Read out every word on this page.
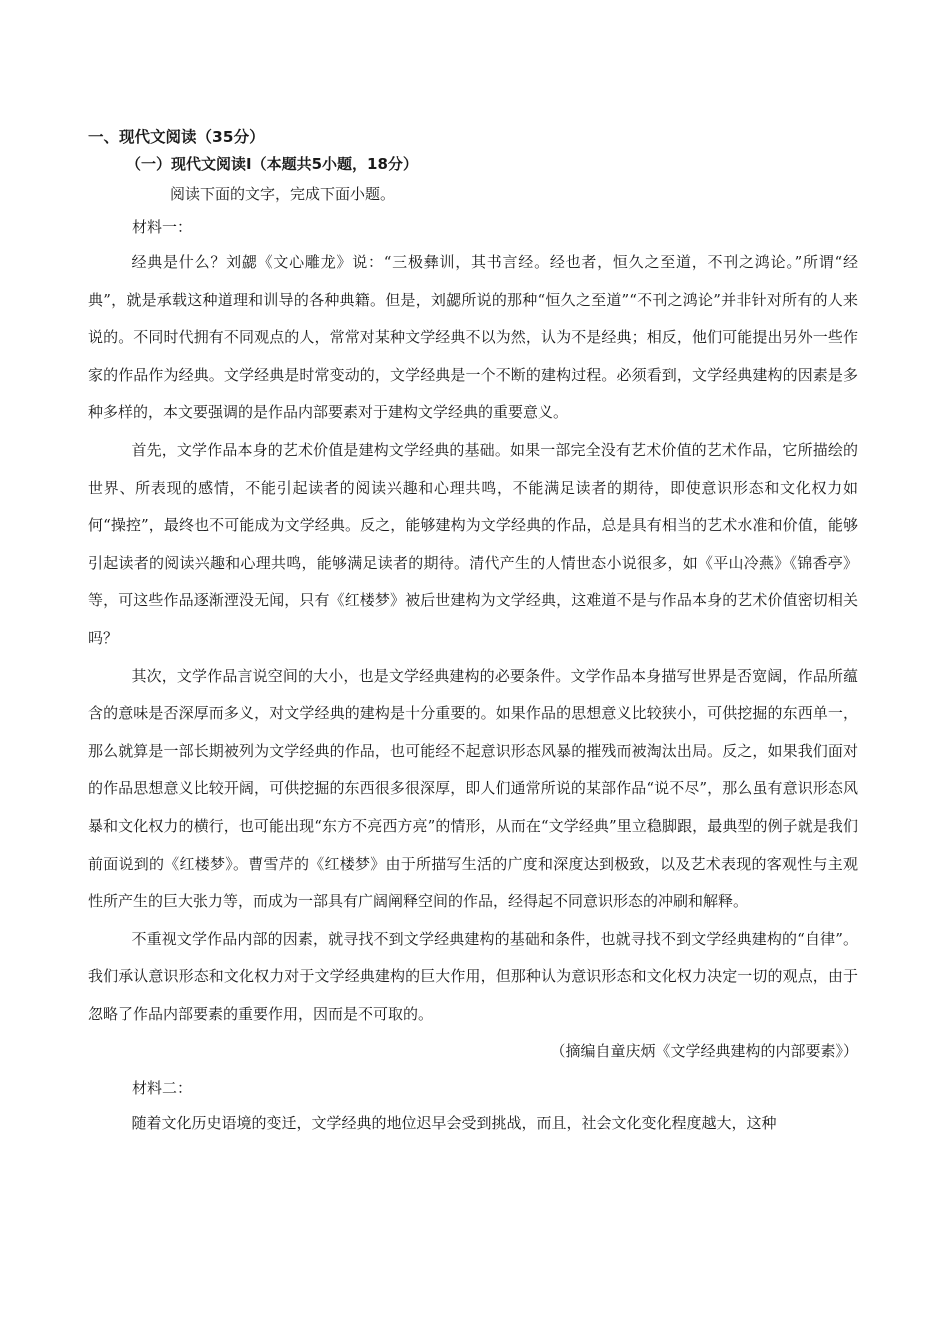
一、现代文阅读（35分）
（一）现代文阅读Ⅰ（本题共5小题，18分）
阅读下面的文字，完成下面小题。
材料一：

经典是什么？刘勰《文心雕龙》说：“三极彝训，其书言经。经也者，恒久之至道，不刊之鸿论。”所谓“经典”，就是承载这种道理和训导的各种典籍。但是，刘勰所说的那种“恒久之至道”“不刊之鸿论”并非针对所有的人来说的。不同时代拥有不同观点的人，常常对某种文学经典不以为然，认为不是经典；相反，他们可能提出另外一些作家的作品作为经典。文学经典是时常变动的，文学经典是一个不断的建构过程。必须看到，文学经典建构的因素是多种多样的，本文要强调的是作品内部要素对于建构文学经典的重要意义。

首先，文学作品本身的艺术价值是建构文学经典的基础。如果一部完全没有艺术价值的艺术作品，它所描绘的世界、所表现的感情，不能引起读者的阅读兴趣和心理共鸣，不能满足读者的期待，即使意识形态和文化权力如何“操控”，最终也不可能成为文学经典。反之，能够建构为文学经典的作品，总是具有相当的艺术水准和价值，能够引起读者的阅读兴趣和心理共鸣，能够满足读者的期待。清代产生的人情世态小说很多，如《平山冷燕》《锦香亭》等，可这些作品逐渐湮没无闻，只有《红楼梦》被后世建构为文学经典，这难道不是与作品本身的艺术价值密切相关吗？

其次，文学作品言说空间的大小，也是文学经典建构的必要条件。文学作品本身描写世界是否宽阔，作品所蕴含的意味是否深厚而多义，对文学经典的建构是十分重要的。如果作品的思想意义比较狭小，可供挖掘的东西单一，那么就算是一部长期被列为文学经典的作品，也可能经不起意识形态风暴的摧残而被淘汰出局。反之，如果我们面对的作品思想意义比较开阔，可供挖掘的东西很多很深厚，即人们通常所说的某部作品“说不尽”，那么虽有意识形态风暴和文化权力的横行，也可能出现“东方不亮西方亮”的情形，从而在“文学经典”里立稳脚跟，最典型的例子就是我们前面说到的《红楼梦》。曹雪芹的《红楼梦》由于所描写生活的广度和深度达到极致，以及艺术表现的客观性与主观性所产生的巨大张力等，而成为一部具有广阔阐释空间的作品，经得起不同意识形态的冲刷和解释。

不重视文学作品内部的因素，就寻找不到文学经典建构的基础和条件，也就寻找不到文学经典建构的“自律”。我们承认意识形态和文化权力对于文学经典建构的巨大作用，但那种认为意识形态和文化权力决定一切的观点，由于忽略了作品内部要素的重要作用，因而是不可取的。

（摘编自童庆炳《文学经典建构的内部要素》）

材料二：

随着文化历史语境的变迁，文学经典的地位迟早会受到挑战，而且，社会文化变化程度越大，这种
